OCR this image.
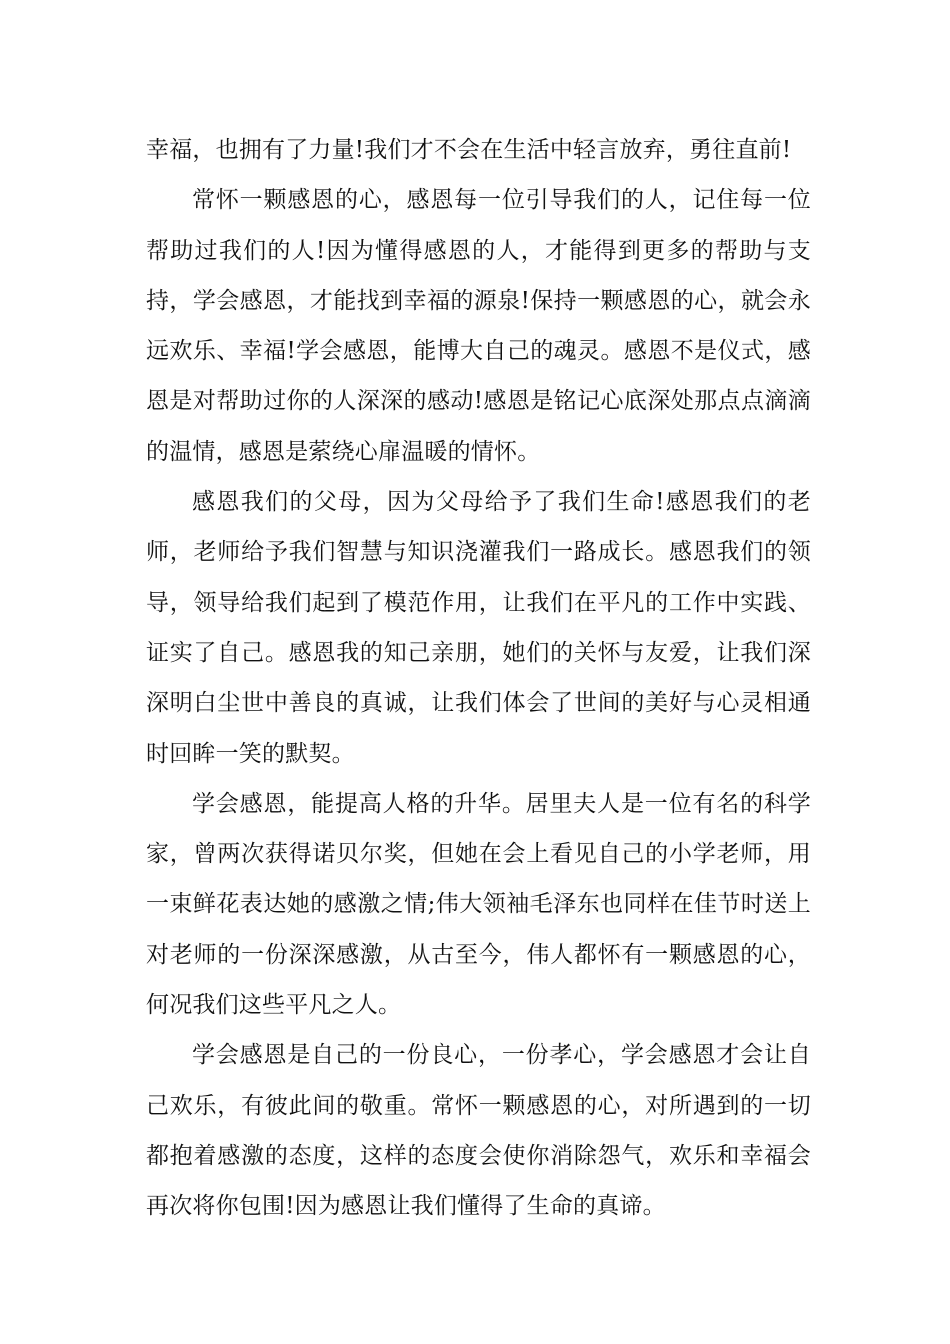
幸福，也拥有了力量!我们才不会在生活中轻言放弃，勇往直前!

常怀一颗感恩的心，感恩每一位引导我们的人，记住每一位帮助过我们的人!因为懂得感恩的人，才能得到更多的帮助与支持，学会感恩，才能找到幸福的源泉!保持一颗感恩的心，就会永远欢乐、幸福!学会感恩，能博大自己的魂灵。感恩不是仪式，感恩是对帮助过你的人深深的感动!感恩是铭记心底深处那点点滴滴的温情，感恩是萦绕心扉温暖的情怀。

感恩我们的父母，因为父母给予了我们生命!感恩我们的老师，老师给予我们智慧与知识浇灌我们一路成长。感恩我们的领导，领导给我们起到了模范作用，让我们在平凡的工作中实践、证实了自己。感恩我的知己亲朋，她们的关怀与友爱，让我们深深明白尘世中善良的真诚，让我们体会了世间的美好与心灵相通时回眸一笑的默契。

学会感恩，能提高人格的升华。居里夫人是一位有名的科学家，曾两次获得诺贝尔奖，但她在会上看见自己的小学老师，用一束鲜花表达她的感激之情;伟大领袖毛泽东也同样在佳节时送上对老师的一份深深感激，从古至今，伟人都怀有一颗感恩的心，何况我们这些平凡之人。

学会感恩是自己的一份良心，一份孝心，学会感恩才会让自己欢乐，有彼此间的敬重。常怀一颗感恩的心，对所遇到的一切都抱着感激的态度，这样的态度会使你消除怨气，欢乐和幸福会再次将你包围!因为感恩让我们懂得了生命的真谛。
